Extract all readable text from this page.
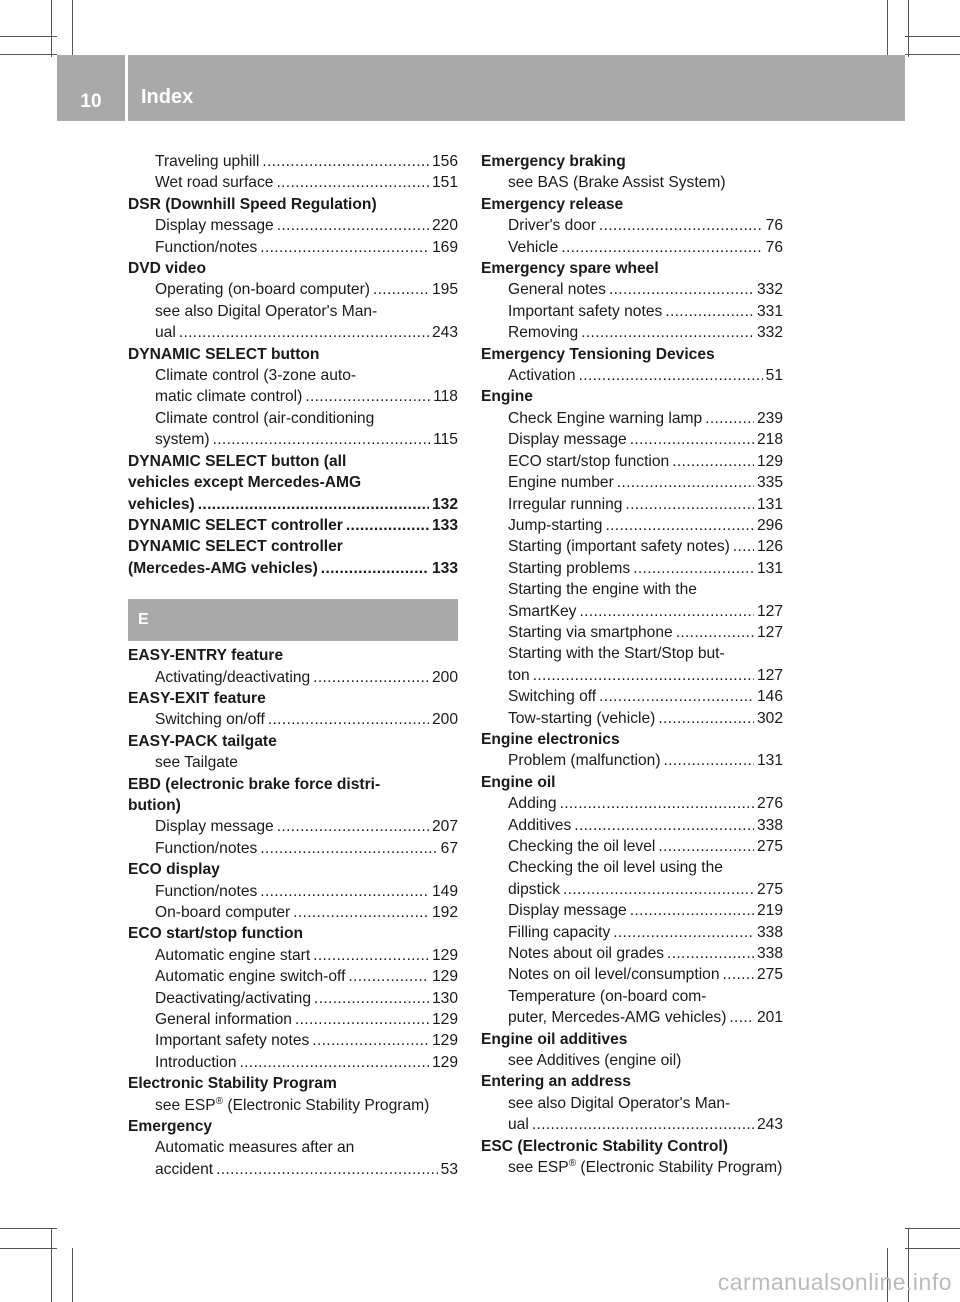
10	Index
Traveling uphill . . .	156
Wet road surface . . .	151
DSR (Downhill Speed Regulation)
Display message . . .	220
Function/notes . . .	169
DVD video
Operating (on-board computer) . . .	195
see also Digital Operator's Man-
ual . . .	243
DYNAMIC SELECT button
Climate control (3-zone auto-
matic climate control) . . .	118
Climate control (air-conditioning
system) . . .	115
DYNAMIC SELECT button (all
vehicles except Mercedes-AMG
vehicles) . . .	132
DYNAMIC SELECT controller . . .	133
DYNAMIC SELECT controller
(Mercedes-AMG vehicles) . . .	133
E
EASY-ENTRY feature
Activating/deactivating . . .	200
EASY-EXIT feature
Switching on/off . . .	200
EASY-PACK tailgate
see Tailgate
EBD (electronic brake force distri-
bution)
Display message . . .	207
Function/notes . . .	67
ECO display
Function/notes . . .	149
On-board computer . . .	192
ECO start/stop function
Automatic engine start . . .	129
Automatic engine switch-off . . .	129
Deactivating/activating . . .	130
General information . . .	129
Important safety notes . . .	129
Introduction . . .	129
Electronic Stability Program
see ESP® (Electronic Stability Program)
Emergency
Automatic measures after an
accident . . .	53
Emergency braking
see BAS (Brake Assist System)
Emergency release
Driver's door . . .	76
Vehicle . . .	76
Emergency spare wheel
General notes . . .	332
Important safety notes . . .	331
Removing . . .	332
Emergency Tensioning Devices
Activation . . .	51
Engine
Check Engine warning lamp . . .	239
Display message . . .	218
ECO start/stop function . . .	129
Engine number . . .	335
Irregular running . . .	131
Jump-starting . . .	296
Starting (important safety notes) . . . 126
Starting problems . . .	131
Starting the engine with the
SmartKey . . .	127
Starting via smartphone . . .	127
Starting with the Start/Stop but-
ton . . .	127
Switching off . . .	146
Tow-starting (vehicle) . . .	302
Engine electronics
Problem (malfunction) . . .	131
Engine oil
Adding . . .	276
Additives . . .	338
Checking the oil level . . .	275
Checking the oil level using the
dipstick . . .	275
Display message . . .	219
Filling capacity . . .	338
Notes about oil grades . . .	338
Notes on oil level/consumption . . . 275
Temperature (on-board com-
puter, Mercedes-AMG vehicles) . . . 201
Engine oil additives
see Additives (engine oil)
Entering an address
see also Digital Operator's Man-
ual . . .	243
ESC (Electronic Stability Control)
see ESP® (Electronic Stability Program)
carmanualsonline.info
